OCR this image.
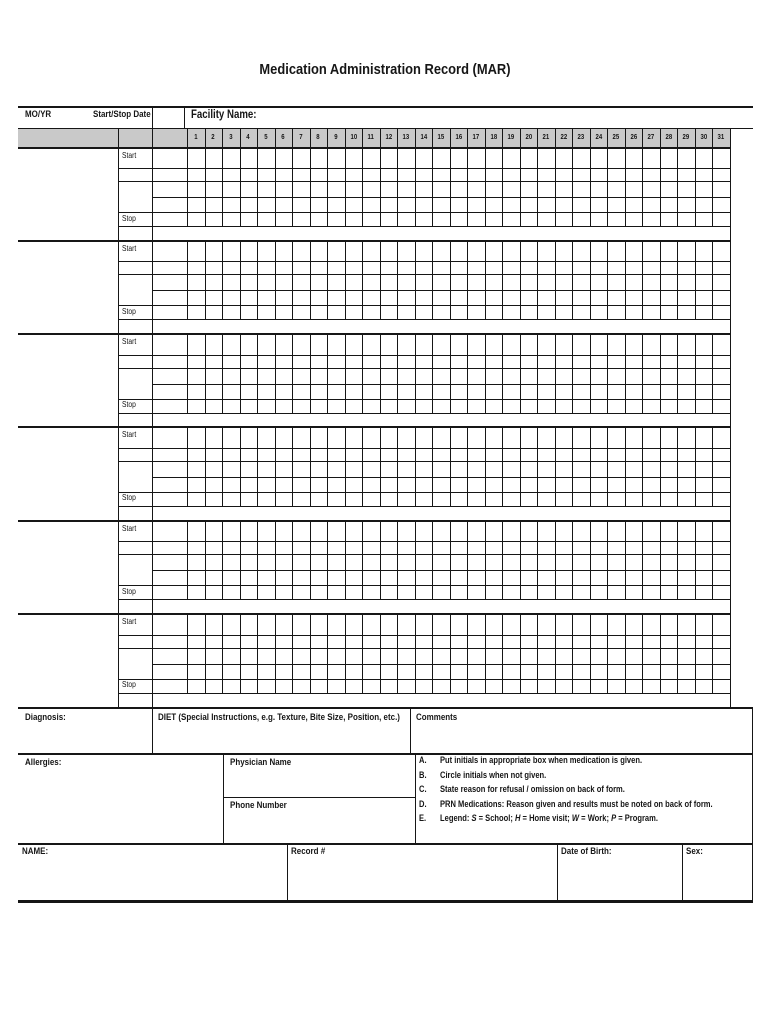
Medication Administration Record (MAR)
MO/YR	Start/Stop Date	Facility Name:
1	2	3	4	5	6	7	8	9	10	11	12	13	14	15	16	17	18	19	20	21	22	23	24	25	26	27	28	29	30	31
Start
Stop
Start
Stop
Start
Stop
Start
Stop
Start
Stop
Start
Stop
Diagnosis:	DIET (Special Instructions, e.g. Texture, Bite Size, Position, etc.)	Comments
Allergies:	Physician Name
Phone Number
A. Put initials in appropriate box when medication is given.
B. Circle initials when not given.
C. State reason for refusal / omission on back of form.
D. PRN Medications: Reason given and results must be noted on back of form.
E. Legend: S = School; H = Home visit; W = Work; P = Program.
NAME:	Record #	Date of Birth:	Sex:
